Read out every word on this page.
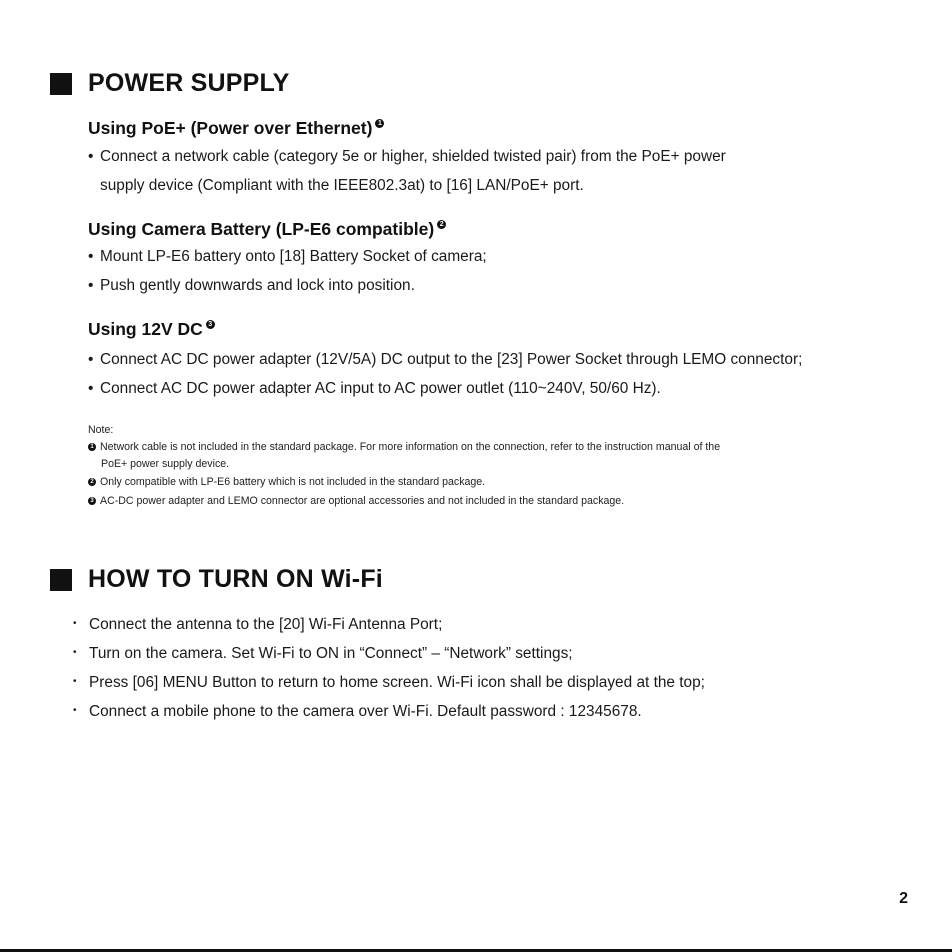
POWER SUPPLY
Using PoE+ (Power over Ethernet) 1
• Connect a network cable (category 5e or higher, shielded twisted pair) from the PoE+ power
supply device (Compliant with the IEEE802.3at) to [16] LAN/PoE+ port.
Using Camera Battery (LP-E6 compatible) 2
• Mount LP-E6 battery onto [18] Battery Socket of camera;
• Push gently downwards and lock into position.
Using 12V DC 3
• Connect AC DC power adapter (12V/5A) DC output to the [23] Power Socket through LEMO connector;
• Connect AC DC power adapter AC input to AC power outlet (110~240V, 50/60 Hz).
Note:
1 Network cable is not included in the standard package. For more information on the connection, refer to the instruction manual of the
PoE+ power supply device.
2 Only compatible with LP-E6 battery which is not included in the standard package.
3 AC-DC power adapter and LEMO connector are optional accessories and not included in the standard package.
HOW TO TURN ON Wi-Fi
• Connect the antenna to the [20] Wi-Fi Antenna Port;
• Turn on the camera. Set Wi-Fi to ON in “Connect” – “Network” settings;
• Press [06] MENU Button to return to home screen. Wi-Fi icon shall be displayed at the top;
• Connect a mobile phone to the camera over Wi-Fi. Default password : 12345678.
2
